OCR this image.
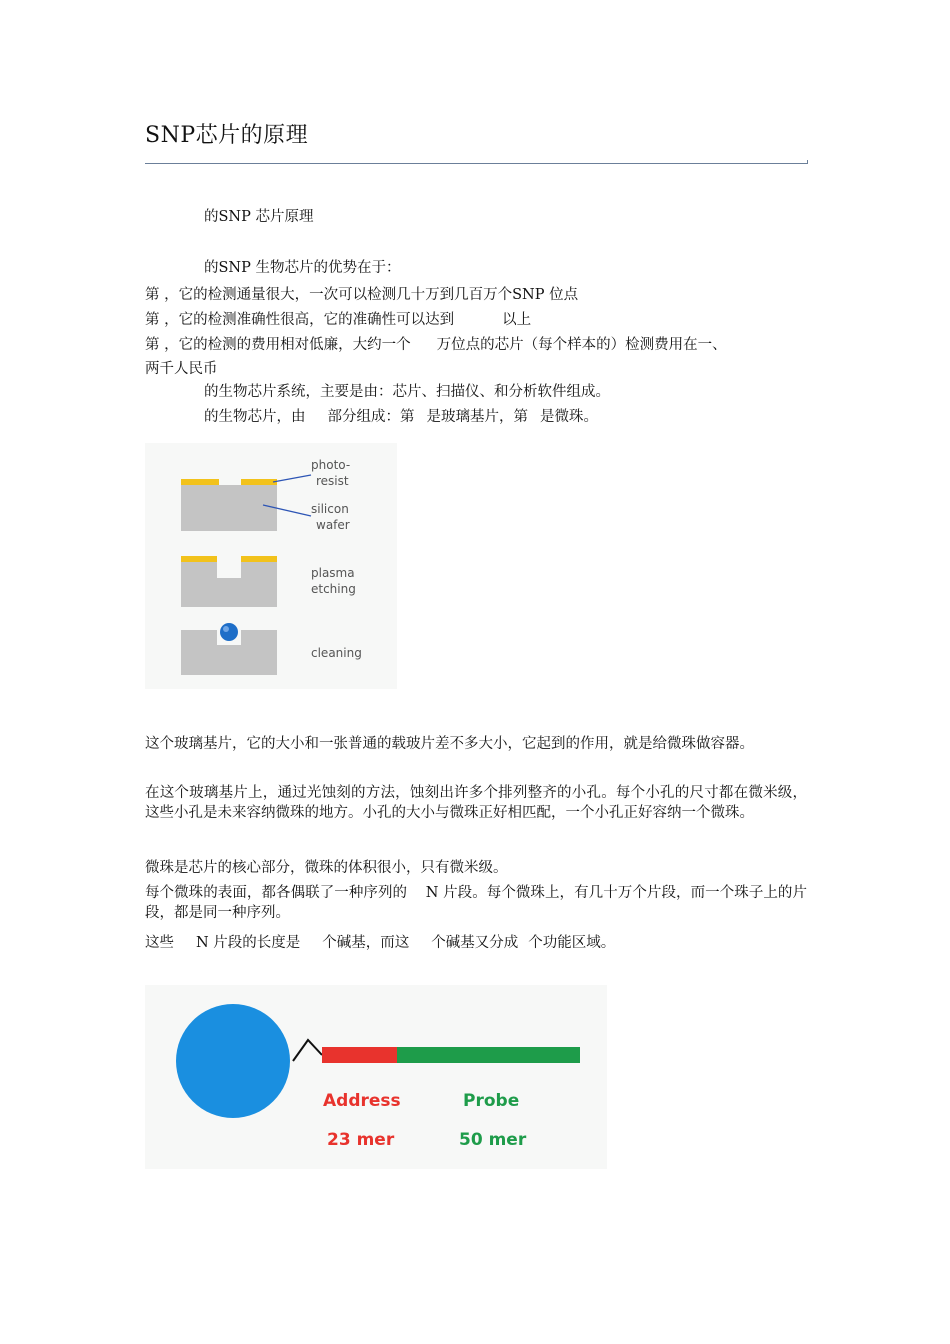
SNP芯片的原理
的SNP 芯片原理
的SNP 生物芯片的优势在于：
第 ，它的检测通量很大，一次可以检测几十万到几百万个SNP 位点
第 ，它的检测准确性很高，它的准确性可以达到	以上
第 ，它的检测的费用相对低廉，大约一个 万位点的芯片（每个样本的）检测费用在一、
两千人民币
的生物芯片系统，主要是由：芯片、扫描仪、和分析软件组成。
的生物芯片，由 部分组成：第 是玻璃基片，第 是微珠。
photo-
resist
silicon
wafer
plasma
etching
cleaning
这个玻璃基片，它的大小和一张普通的载玻片差不多大小，它起到的作用，就是给微珠做容器。
在这个玻璃基片上，通过光蚀刻的方法，蚀刻出许多个排列整齐的小孔。每个小孔的尺寸都在微米级，这些小孔是未来容纳微珠的地方。小孔的大小与微珠正好相匹配，一个小孔正好容纳一个微珠。
微珠是芯片的核心部分，微珠的体积很小，只有微米级。
每个微珠的表面，都各偶联了一种序列的    N 片段。每个微珠上，有几十万个片段，而一个珠子上的片段，都是同一种序列。
这些 N 片段的长度是 个碱基，而这 个碱基又分成 个功能区域。
Address
23 mer
Probe
50 mer
